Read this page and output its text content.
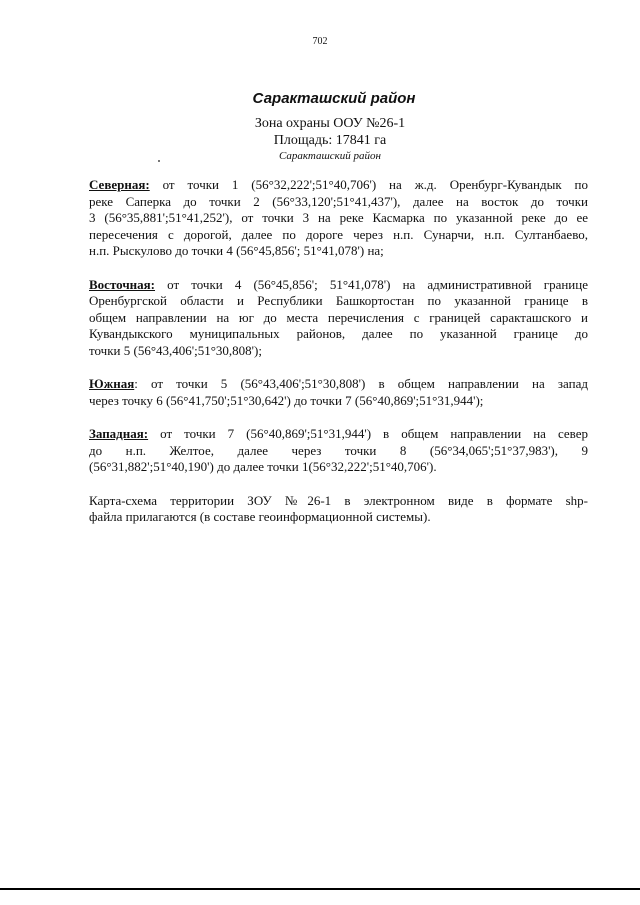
702
Саракташский район
Зона охраны ООУ №26-1
Площадь: 17841 га
Саракташский район
Северная: от точки 1 (56°32,222';51°40,706') на ж.д. Оренбург-Кувандык по
реке Саперка до точки 2 (56°33,120';51°41,437'), далее на восток до точки
3 (56°35,881';51°41,252'), от точки 3 на реке Касмарка по указанной реке до ее
пересечения с дорогой, далее по дороге через н.п. Сунарчи, н.п. Султанбаево,
н.п. Рыскулово до точки 4 (56°45,856'; 51°41,078') на;
Восточная: от точки 4 (56°45,856'; 51°41,078') на административной границе
Оренбургской области и Республики Башкортостан по указанной границе в
общем направлении на юг до места перечисления с границей саракташского и
Кувандыкского муниципальных районов, далее по указанной границе до
точки 5 (56°43,406';51°30,808');
Южная: от точки 5 (56°43,406';51°30,808') в общем направлении на запад
через точку 6 (56°41,750';51°30,642') до точки 7 (56°40,869';51°31,944');
Западная: от точки 7 (56°40,869';51°31,944') в общем направлении на север
до н.п. Желтое, далее через точки 8 (56°34,065';51°37,983'), 9
(56°31,882';51°40,190') до далее точки 1(56°32,222';51°40,706').
Карта-схема территории ЗОУ №26-1 в электронном виде в формате shp-
файла прилагаются (в составе геоинформационной системы).
